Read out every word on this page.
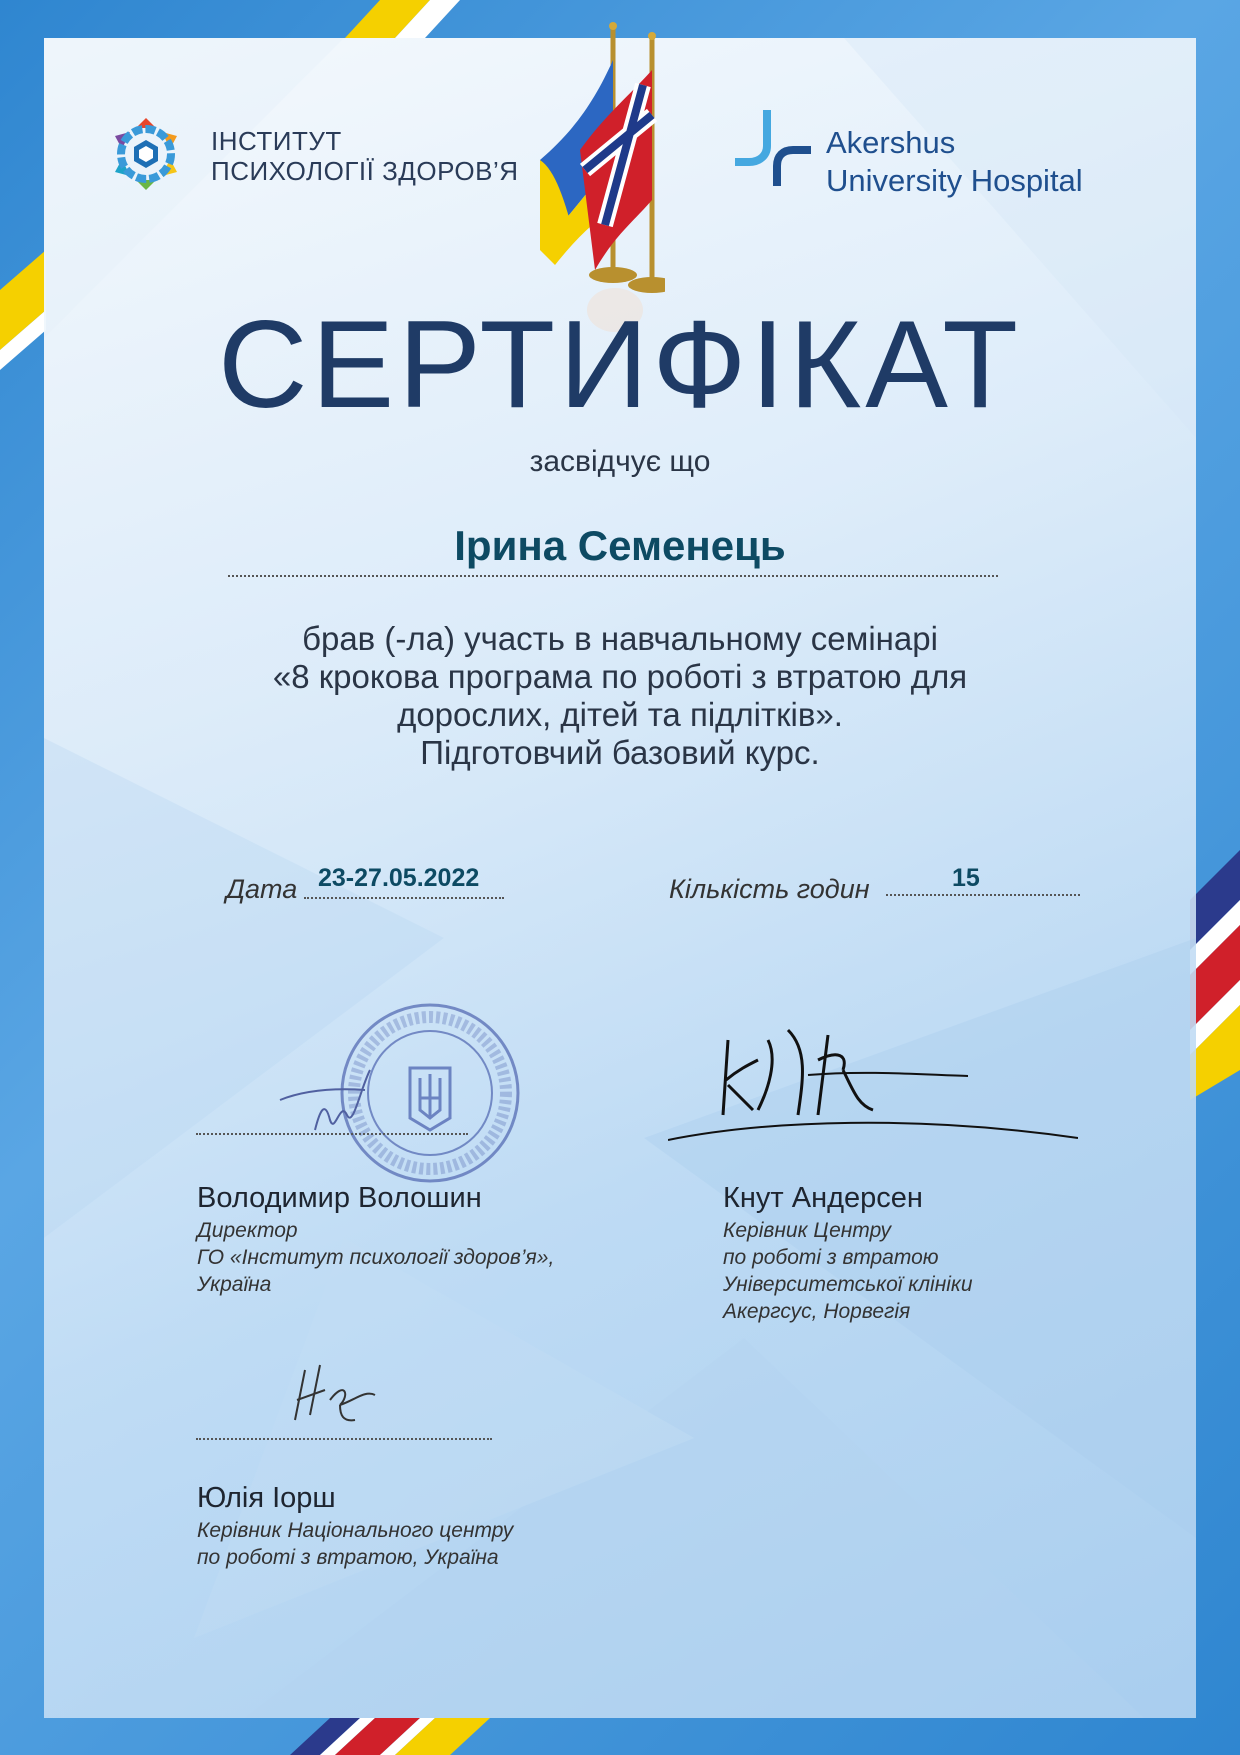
ІНСТИТУТ
ПСИХОЛОГІЇ ЗДОРОВ’Я
Akershus
University Hospital
СЕРТИФІКАТ
засвідчує що
Ірина Семенець
брав (-ла) участь в навчальному семінарі
«8 крокова програма по роботі з втратою для
дорослих, дітей та підлітків».
Підготовчий базовий курс.
Дата 23-27.05.2022	Кількість годин	15
Володимир Волошин
Директор
ГО «Інститут психології здоров’я»,
Україна
Кнут Андерсен
Керівник Центру
по роботі з втратою
Університетської клініки
Акергсус, Норвегія
Юлія Іорш
Керівник Національного центру
по роботі з втратою, Україна
